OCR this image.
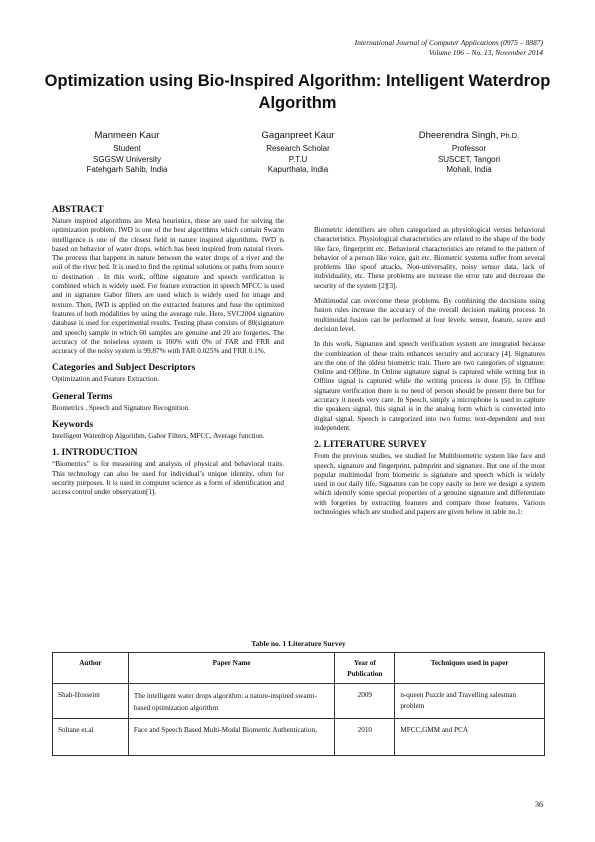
International Journal of Computer Applications (0975 – 8887)
Volume 106 – No. 13, November 2014
Optimization using Bio-Inspired Algorithm: Intelligent Waterdrop Algorithm
Manmeen Kaur
Student
SGGSW University
Fatehgarh Sahib, India
Gaganpreet Kaur
Research Scholar
P.T.U
Kapurthala, India
Dheerendra Singh, Ph.D.
Professor
SUSCET, Tangori
Mohali, India
ABSTRACT

Nature inspired algorithms are Meta heuristics, these are used for solving the optimization problem. IWD is one of the best algorithms which contain Swarm intelligence is one of the closest field in nature inspired algorithms. IWD is based on behavior of water drops, which has been inspired from natural rivers. The process that happens in nature between the water drops of a river and the soil of the river bed. It is used to find the optimal solutions or paths from source to destination . In this work, offline signature and speech verification is combined which is widely used. For feature extraction in speech MFCC is used and in signature Gabor filters are used which is widely used for image and texture. Then, IWD is applied on the extracted features and fuse the optimized features of both modalities by using the average rule. Here, SVC2004 signature database is used for experimental results. Testing phase consists of 80(signature and speech) sample in which 60 samples are genuine and 20 are forgeries. The accuracy of the noiseless system is 100% with 0% of FAR and FRR and accuracy of the noisy system is 99.87% with FAR 0.025% and FRR 0.1%.

Categories and Subject Descriptors

Optimization and Feature Extraction.

General Terms

Biometrics , Speech and Signature Recognition.

Keywords

Intelligent Waterdrop Algorithm, Gabor Filters, MFCC, Average function.

1. INTRODUCTION

“Biometrics” is for measuring and analysis of physical and behavioral traits. This technology can also be used for individual’s unique identity, often for security purposes. It is used in computer science as a form of identification and access control under observation[1].

Biometric identifiers are often categorized as physiological versus behavioral characteristics. Physiological characteristics are related to the shape of the body like face, fingerprint etc. Behavioral characteristics are related to the pattern of behavior of a person like voice, gait etc. Biometric systems suffer from several problems like spoof attacks, Non-universality, noisy sensor data, lack of individuality, etc. These problems are increase the error rate and decrease the security of the system [2][3].

Multimodal can overcome these problems. By combining the decisions using fusion rules increase the accuracy of the overall decision making process. In multimodal fusion can be performed at four levels: sensor, feature, score and decision level.

In this work, Signature and speech verification system are integrated because the combination of these traits enhances security and accuracy [4]. Signatures are the one of the oldest biometric trait. There are two categories of signature: Online and Offline. In Online signature signal is captured while writing but in Offline signal is captured while the writing process is done [5]. In Offline signature verification there is no need of person should be present there but for accuracy it needs very care. In Speech, simply a microphone is used to capture the speakers signal, this signal is in the analog form which is converted into digital signal. Speech is categorized into two forms: text-dependent and text independent.

2. LITERATURE SURVEY

From the previous studies, we studied for Multibiometric system like face and speech, signature and fingerprint, palmprint and signature. But one of the most popular multimodal from biometric is signature and speech which is widely used in our daily life. Signature can be copy easily so here we design a system which identify some special properties of a genuine signature and differentiate with forgeries by extracting features and compare those features. Various technologies which are studied and papers are given below in table no.1:

Table no. 1 Literature Survey
Author	Paper Name	Year of Publication	Techniques used in paper
Shah-Hosseini	The intelligent water drops algorithm: a nature-inspired swarm-based optimization algorithm	2009	n-queen Puzzle and Travelling salesman problem
Soltane et.al	Face and Speech Based Multi-Modal Biometric Authentication,	2010	MFCC,GMM and PCA
36
